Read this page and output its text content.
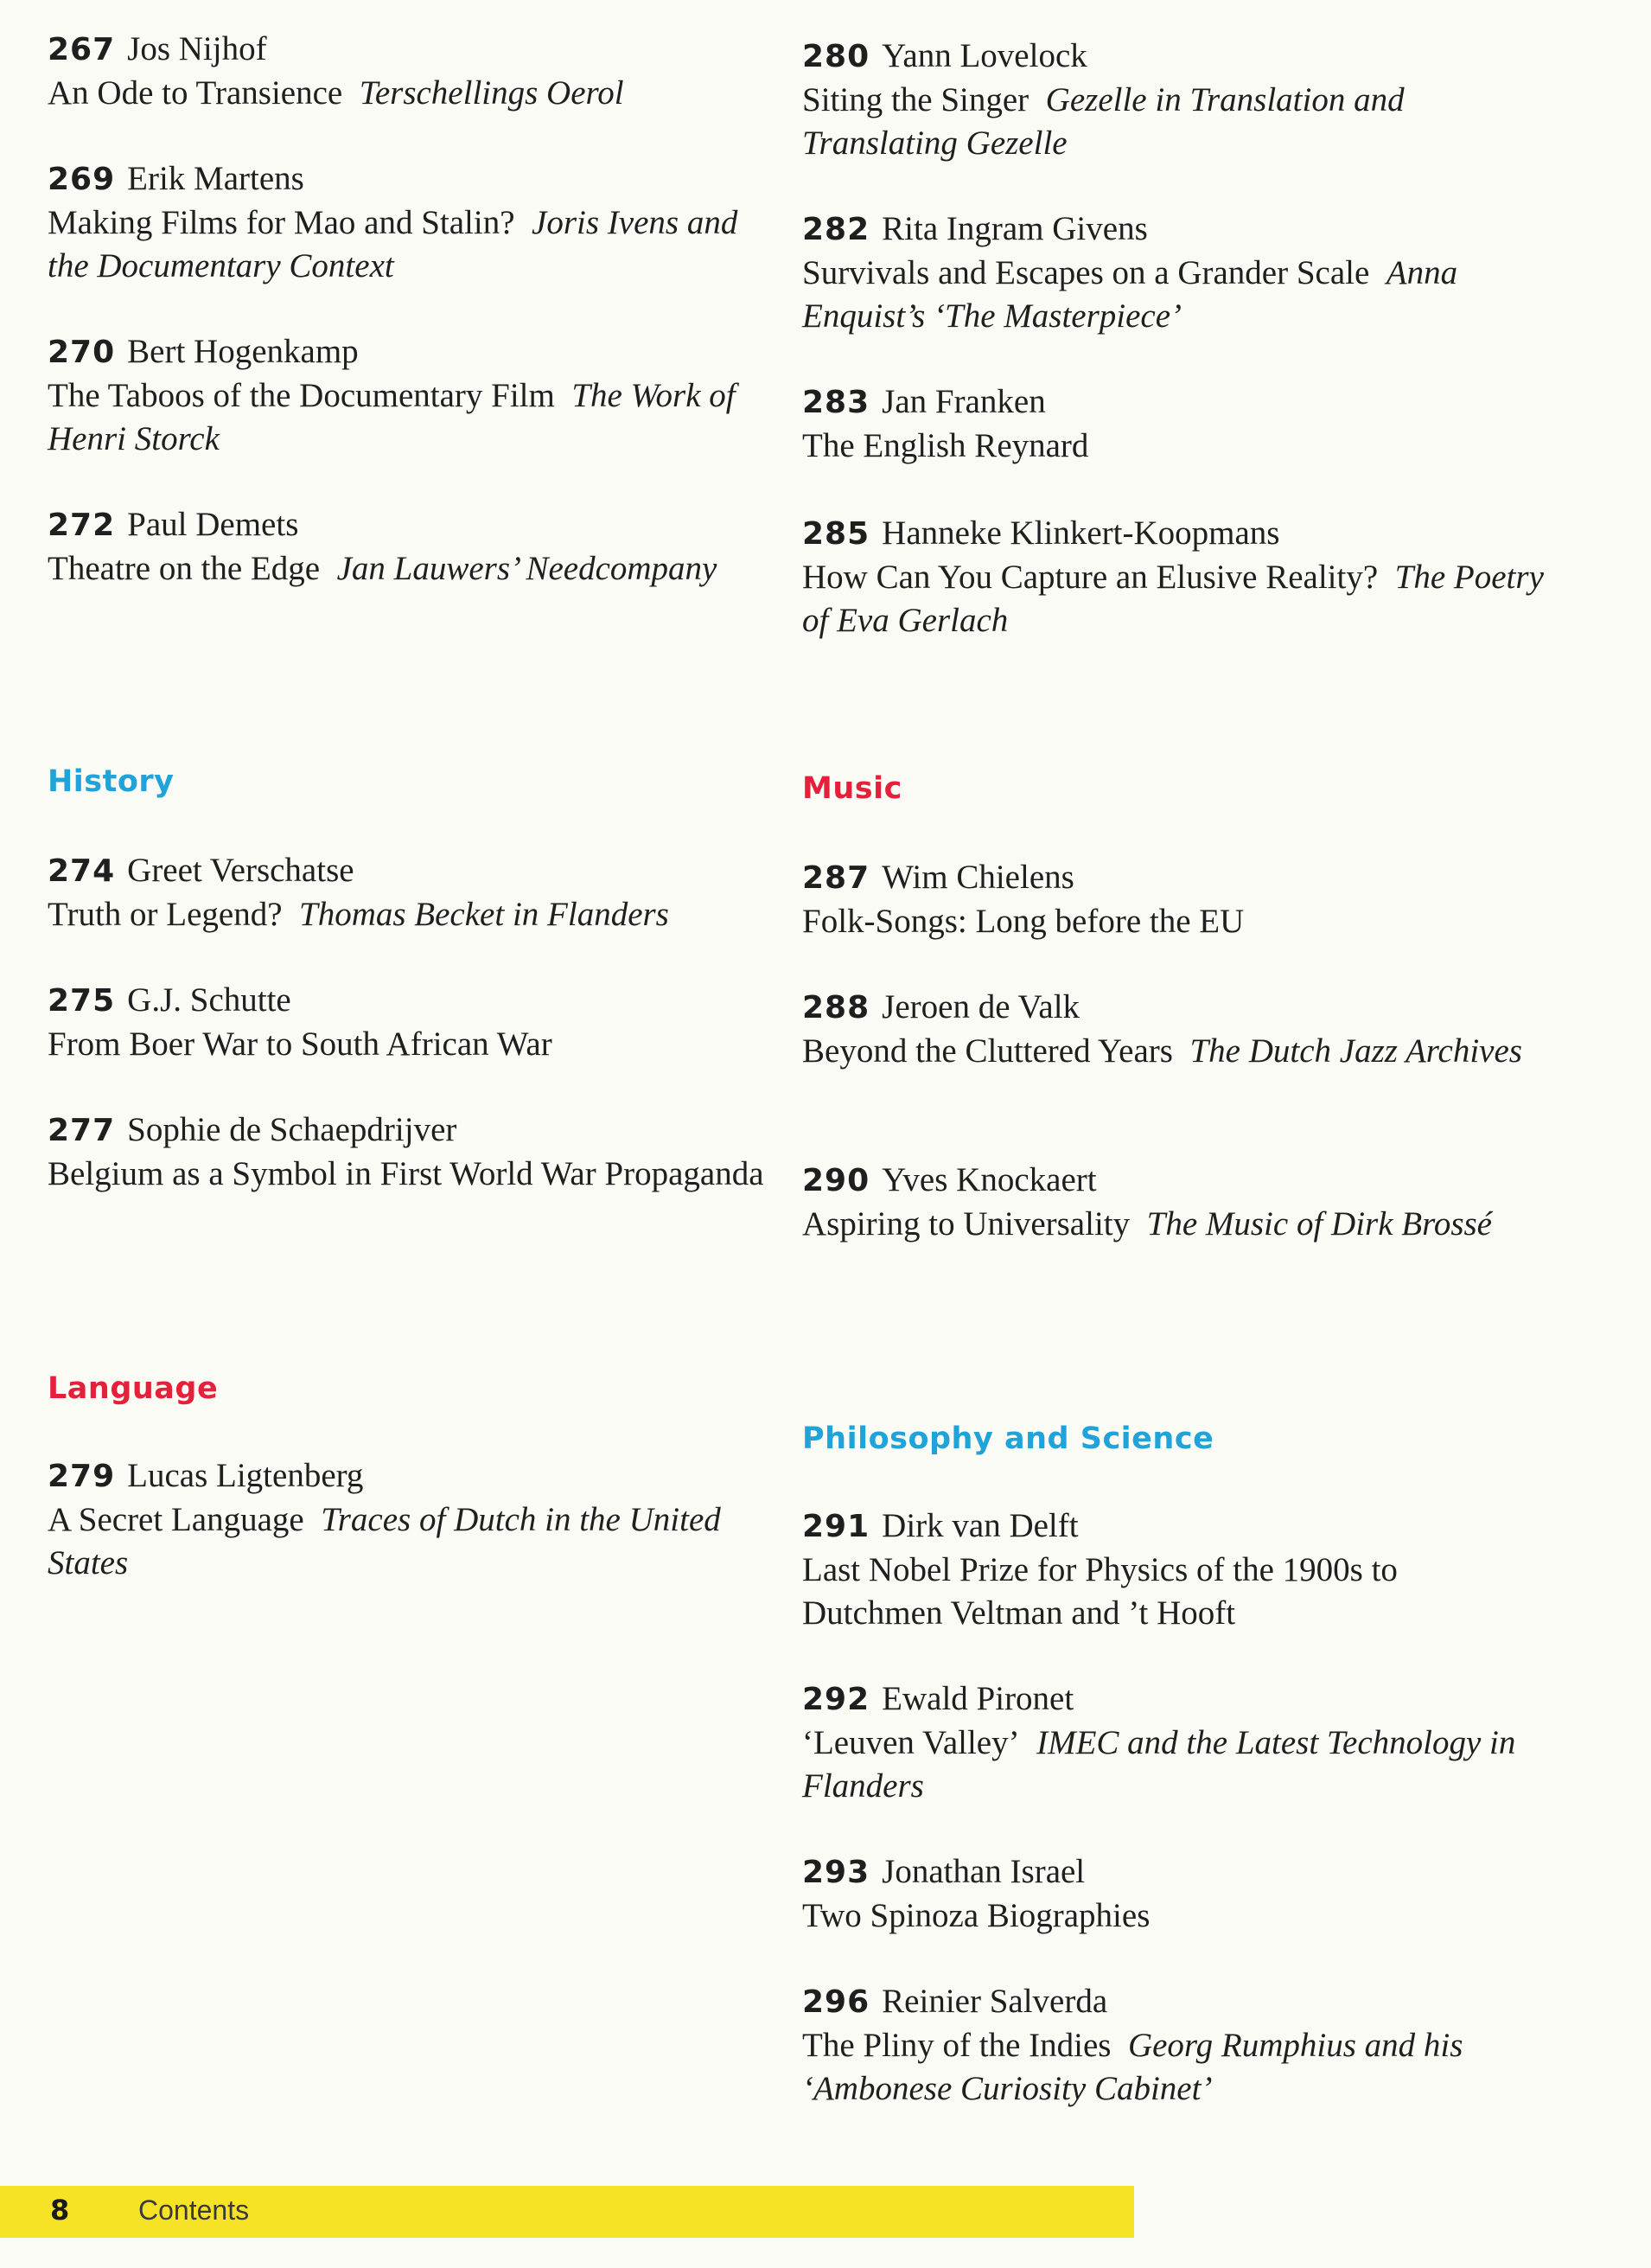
267 Jos Nijhof
An Ode to Transience Terschellings Oerol
269 Erik Martens
Making Films for Mao and Stalin? Joris Ivens and the Documentary Context
270 Bert Hogenkamp
The Taboos of the Documentary Film The Work of Henri Storck
272 Paul Demets
Theatre on the Edge Jan Lauwers’ Needcompany
History
274 Greet Verschatse
Truth or Legend? Thomas Becket in Flanders
275 G.J. Schutte
From Boer War to South African War
277 Sophie de Schaepdrijver
Belgium as a Symbol in First World War Propaganda
Language
279 Lucas Ligtenberg
A Secret Language Traces of Dutch in the United States
280 Yann Lovelock
Siting the Singer Gezelle in Translation and Translating Gezelle
282 Rita Ingram Givens
Survivals and Escapes on a Grander Scale Anna Enquist’s ‘The Masterpiece’
283 Jan Franken
The English Reynard
285 Hanneke Klinkert-Koopmans
How Can You Capture an Elusive Reality? The Poetry of Eva Gerlach
Music
287 Wim Chielens
Folk-Songs: Long before the EU
288 Jeroen de Valk
Beyond the Cluttered Years The Dutch Jazz Archives
290 Yves Knockaert
Aspiring to Universality The Music of Dirk Brossé
Philosophy and Science
291 Dirk van Delft
Last Nobel Prize for Physics of the 1900s to Dutchmen Veltman and ’t Hooft
292 Ewald Pironet
‘Leuven Valley’ IMEC and the Latest Technology in Flanders
293 Jonathan Israel
Two Spinoza Biographies
296 Reinier Salverda
The Pliny of the Indies Georg Rumphius and his ‘Ambonese Curiosity Cabinet’
8 Contents
